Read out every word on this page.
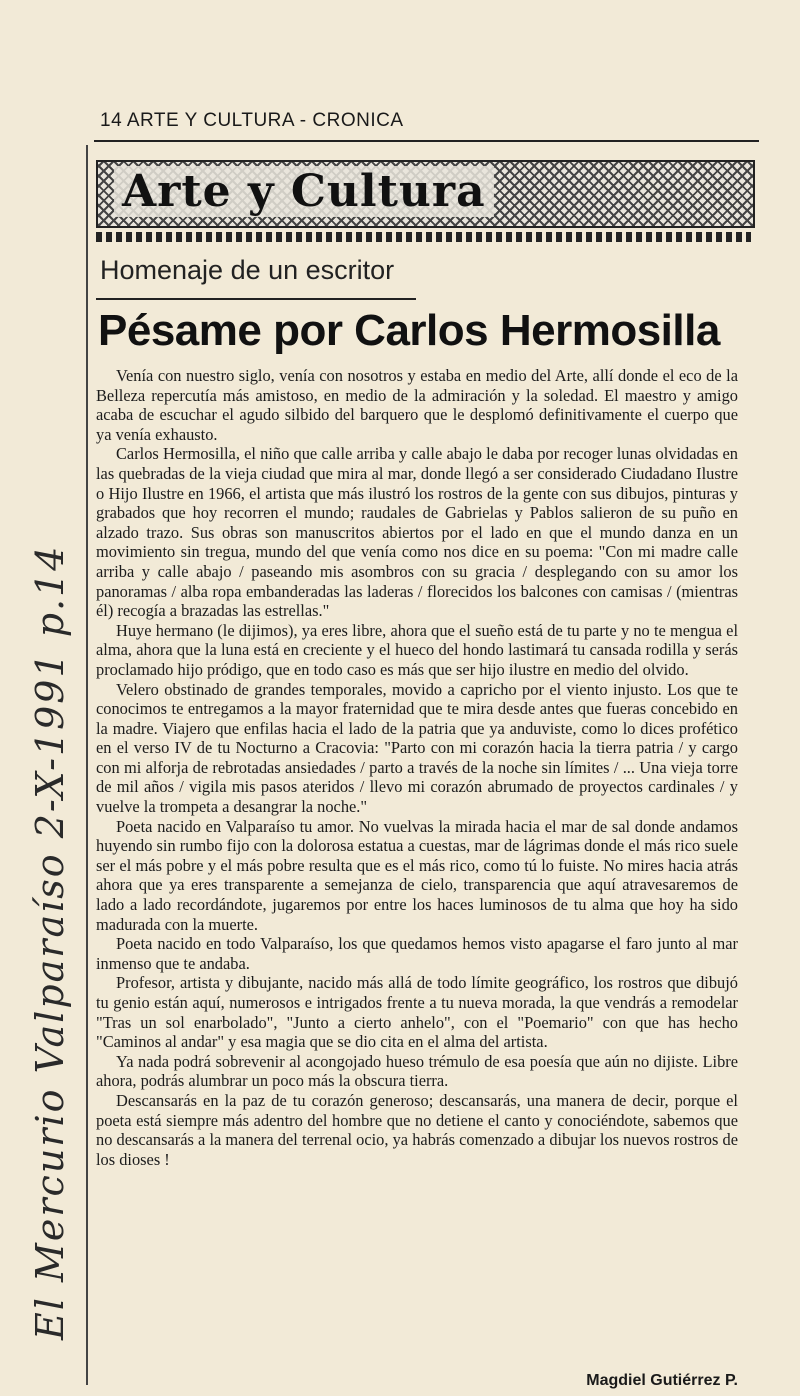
El Mercurio Valparaíso 2-X-1991 p.14
14 ARTE Y CULTURA - CRONICA
Arte y Cultura
Homenaje de un escritor
Pésame por Carlos Hermosilla

Venía con nuestro siglo, venía con nosotros y estaba en medio del Arte, allí donde el eco de la Belleza repercutía más amistoso, en medio de la admiración y la soledad. El maestro y amigo acaba de escuchar el agudo silbido del barquero que le desplomó definitivamente el cuerpo que ya venía exhausto.

Carlos Hermosilla, el niño que calle arriba y calle abajo le daba por recoger lunas olvidadas en las quebradas de la vieja ciudad que mira al mar, donde llegó a ser considerado Ciudadano Ilustre o Hijo Ilustre en 1966, el artista que más ilustró los rostros de la gente con sus dibujos, pinturas y grabados que hoy recorren el mundo; raudales de Gabrielas y Pablos salieron de su puño en alzado trazo. Sus obras son manuscritos abiertos por el lado en que el mundo danza en un movimiento sin tregua, mundo del que venía como nos dice en su poema: "Con mi madre calle arriba y calle abajo / paseando mis asombros con su gracia / desplegando con su amor los panoramas / alba ropa embanderadas las laderas / florecidos los balcones con camisas / (mientras él) recogía a brazadas las estrellas."

Huye hermano (le dijimos), ya eres libre, ahora que el sueño está de tu parte y no te mengua el alma, ahora que la luna está en creciente y el hueco del hondo lastimará tu cansada rodilla y serás proclamado hijo pródigo, que en todo caso es más que ser hijo ilustre en medio del olvido.

Velero obstinado de grandes temporales, movido a capricho por el viento injusto. Los que te conocimos te entregamos a la mayor fraternidad que te mira desde antes que fueras concebido en la madre. Viajero que enfilas hacia el lado de la patria que ya anduviste, como lo dices profético en el verso IV de tu Nocturno a Cracovia: "Parto con mi corazón hacia la tierra patria / y cargo con mi alforja de rebrotadas ansiedades / parto a través de la noche sin límites / ... Una vieja torre de mil años / vigila mis pasos ateridos / llevo mi corazón abrumado de proyectos cardinales / y vuelve la trompeta a desangrar la noche."

Poeta nacido en Valparaíso tu amor. No vuelvas la mirada hacia el mar de sal donde andamos huyendo sin rumbo fijo con la dolorosa estatua a cuestas, mar de lágrimas donde el más rico suele ser el más pobre y el más pobre resulta que es el más rico, como tú lo fuiste. No mires hacia atrás ahora que ya eres transparente a semejanza de cielo, transparencia que aquí atravesaremos de lado a lado recordándote, jugaremos por entre los haces luminosos de tu alma que hoy ha sido madurada con la muerte.

Poeta nacido en todo Valparaíso, los que quedamos hemos visto apagarse el faro junto al mar inmenso que te andaba.

Profesor, artista y dibujante, nacido más allá de todo límite geográfico, los rostros que dibujó tu genio están aquí, numerosos e intrigados frente a tu nueva morada, la que vendrás a remodelar "Tras un sol enarbolado", "Junto a cierto anhelo", con el "Poemario" con que has hecho "Caminos al andar" y esa magia que se dio cita en el alma del artista.

Ya nada podrá sobrevenir al acongojado hueso trémulo de esa poesía que aún no dijiste. Libre ahora, podrás alumbrar un poco más la obscura tierra.

Descansarás en la paz de tu corazón generoso; descansarás, una manera de decir, porque el poeta está siempre más adentro del hombre que no detiene el canto y conociéndote, sabemos que no descansarás a la manera del terrenal ocio, ya habrás comenzado a dibujar los nuevos rostros de los dioses !

Magdiel Gutiérrez P.
